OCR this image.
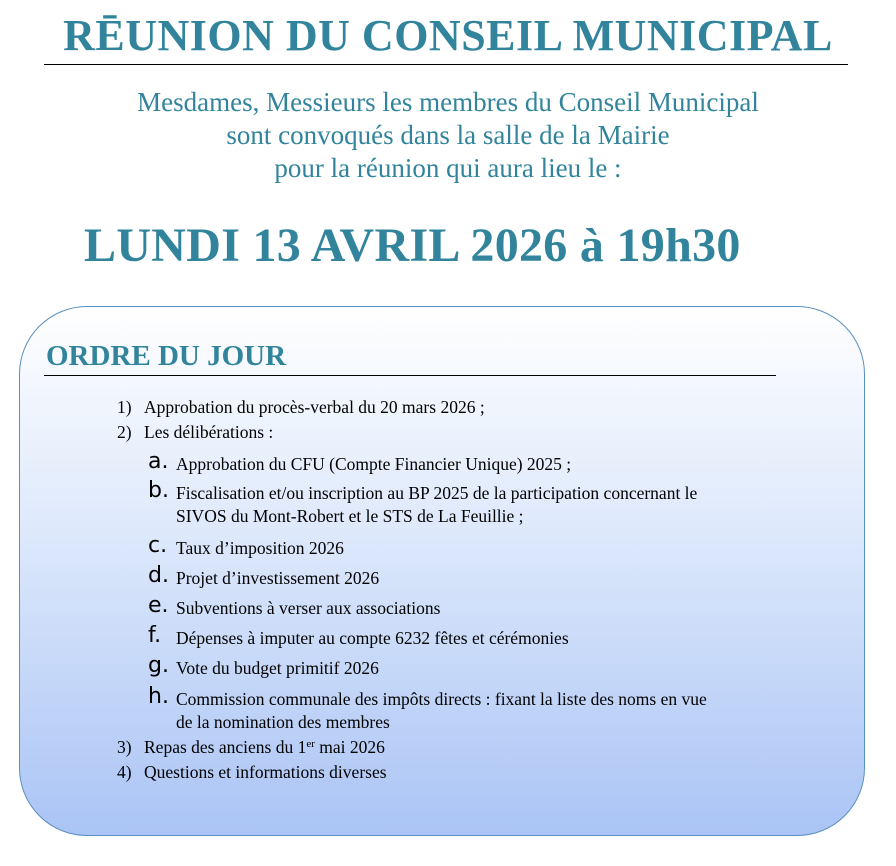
RĒUNION DU CONSEIL MUNICIPAL
Mesdames, Messieurs les membres du Conseil Municipal
sont convoqués dans la salle de la Mairie
pour la réunion qui aura lieu le :
LUNDI 13 AVRIL 2026 à 19h30
ORDRE DU JOUR
1) Approbation du procès-verbal du 20 mars 2026 ;
2) Les délibérations :
a. Approbation du CFU (Compte Financier Unique) 2025 ;
b. Fiscalisation et/ou inscription au BP 2025 de la participation concernant le
SIVOS du Mont-Robert et le STS de La Feuillie ;
c. Taux d’imposition 2026
d. Projet d’investissement 2026
e. Subventions à verser aux associations
f. Dépenses à imputer au compte 6232 fêtes et cérémonies
g. Vote du budget primitif 2026
h. Commission communale des impôts directs : fixant la liste des noms en vue
de la nomination des membres
3) Repas des anciens du 1er mai 2026
4) Questions et informations diverses
